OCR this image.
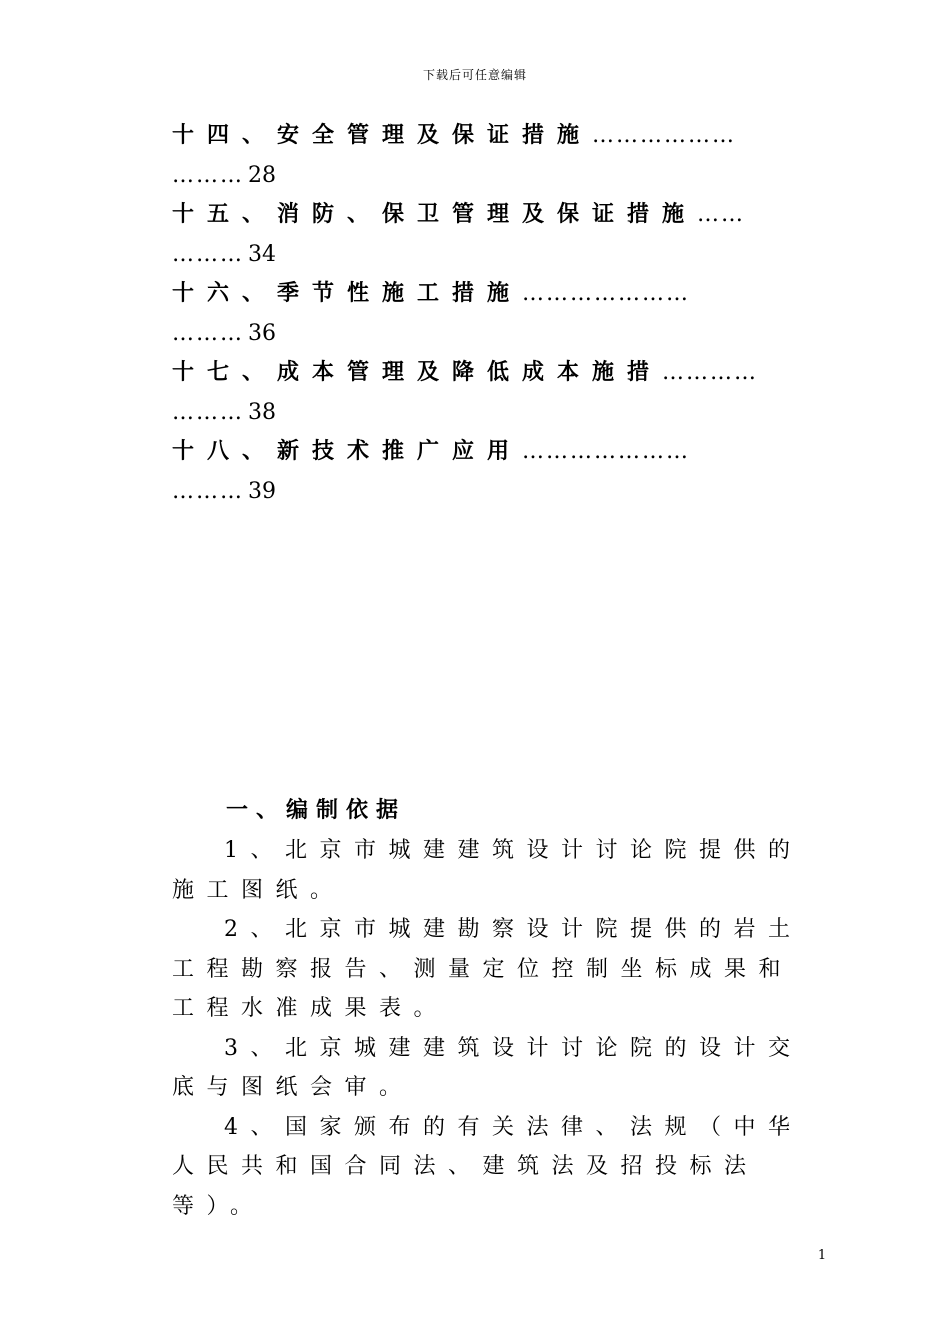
下载后可任意编辑
十四、安全管理及保证措施………………
……… 28
十五、消防、保卫管理及保证措施……
……… 34
十六、季节性施工措施…………………
……… 36
十七、成本管理及降低成本施措…………
……… 38
十八、新技术推广应用…………………
……… 39
一、编制依据

1、北京市城建建筑设计讨论院提供的施工图纸。

2、北京市城建勘察设计院提供的岩土工程勘察报告、测量定位控制坐标成果和工程水准成果表。

3、北京城建建筑设计讨论院的设计交底与图纸会审。

4、国家颁布的有关法律、法规（中华人民共和国合同法、建筑法及招投标法等）。

1
